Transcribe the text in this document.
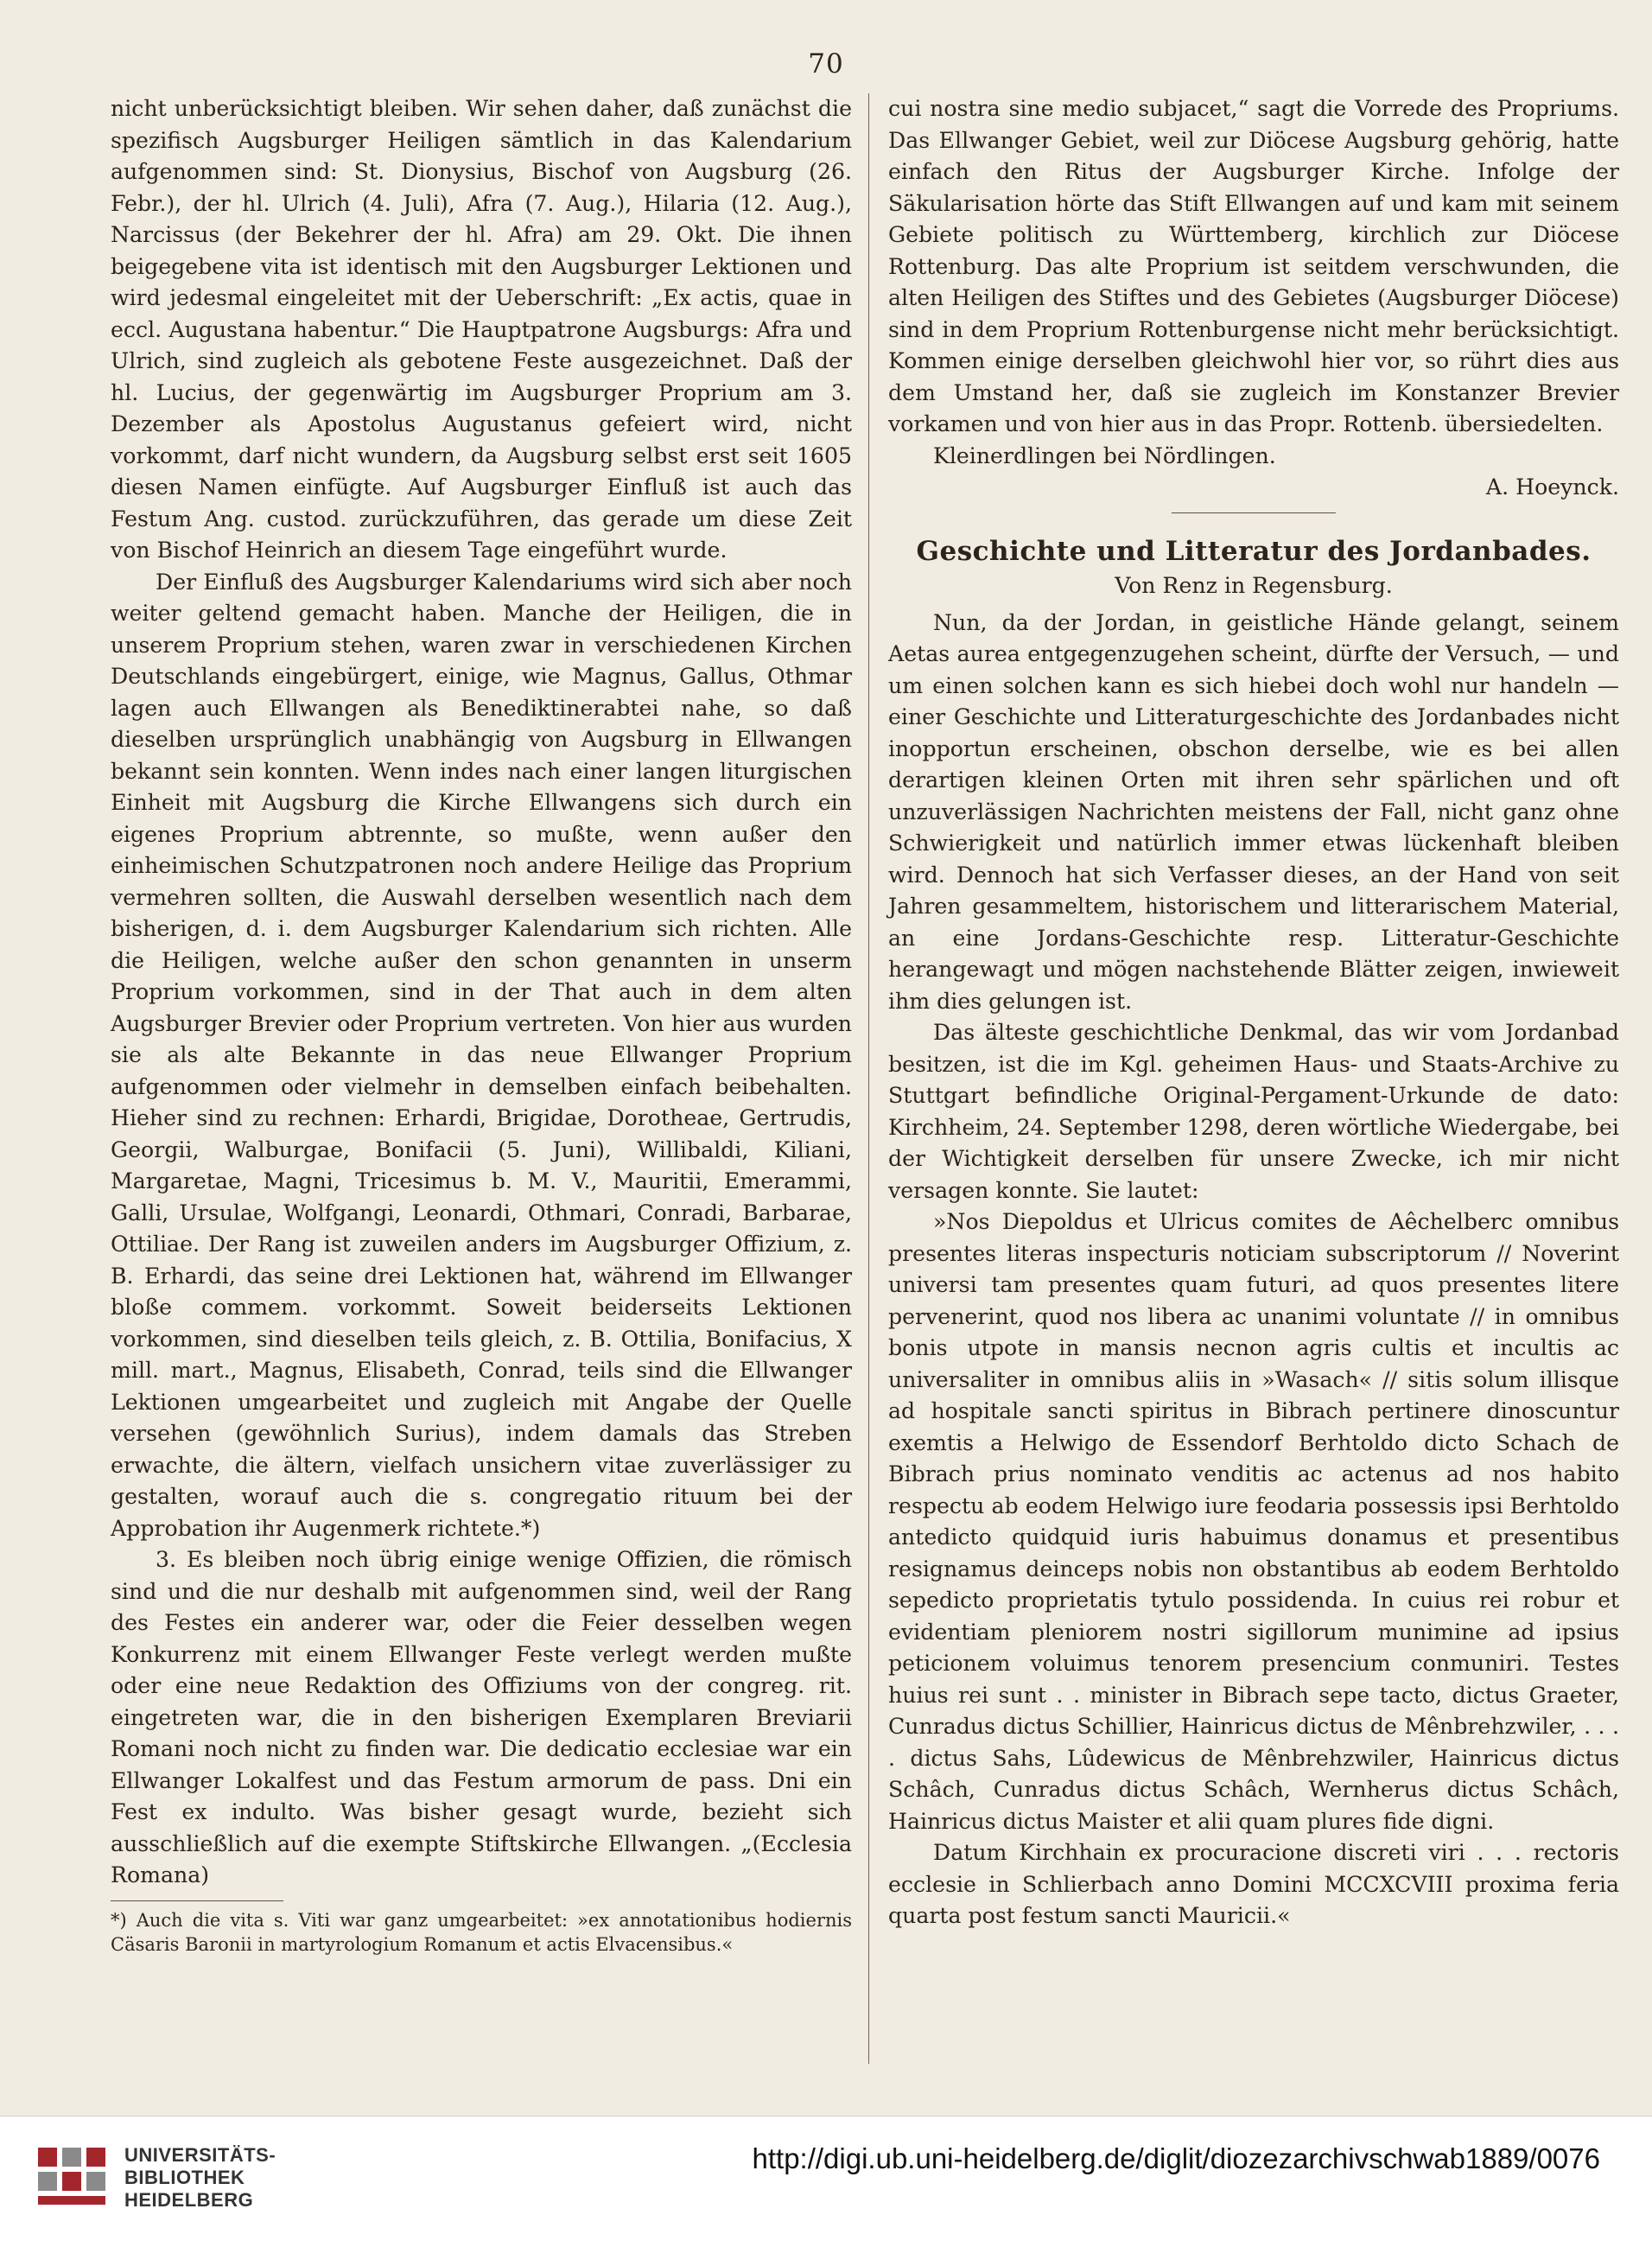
70

nicht unberücksichtigt bleiben. Wir sehen daher, daß zunächst die spezifisch Augsburger Heiligen sämtlich in das Kalendarium aufgenommen sind: St. Dionysius, Bischof von Augsburg (26. Febr.), der hl. Ulrich (4. Juli), Afra (7. Aug.), Hilaria (12. Aug.), Narcissus (der Bekehrer der hl. Afra) am 29. Okt. Die ihnen beigegebene vita ist identisch mit den Augsburger Lektionen und wird jedesmal eingeleitet mit der Ueberschrift: „Ex actis, quae in eccl. Augustana habentur.“ Die Hauptpatrone Augsburgs: Afra und Ulrich, sind zugleich als gebotene Feste ausgezeichnet. Daß der hl. Lucius, der gegenwärtig im Augsburger Proprium am 3. Dezember als Apostolus Augustanus gefeiert wird, nicht vorkommt, darf nicht wundern, da Augsburg selbst erst seit 1605 diesen Namen einfügte. Auf Augsburger Einfluß ist auch das Festum Ang. custod. zurückzuführen, das gerade um diese Zeit von Bischof Heinrich an diesem Tage eingeführt wurde.

Der Einfluß des Augsburger Kalendariums wird sich aber noch weiter geltend gemacht haben. Manche der Heiligen, die in unserem Proprium stehen, waren zwar in verschiedenen Kirchen Deutschlands eingebürgert, einige, wie Magnus, Gallus, Othmar lagen auch Ellwangen als Benediktinerabtei nahe, so daß dieselben ursprünglich unabhängig von Augsburg in Ellwangen bekannt sein konnten. Wenn indes nach einer langen liturgischen Einheit mit Augsburg die Kirche Ellwangens sich durch ein eigenes Proprium abtrennte, so mußte, wenn außer den einheimischen Schutzpatronen noch andere Heilige das Proprium vermehren sollten, die Auswahl derselben wesentlich nach dem bisherigen, d. i. dem Augsburger Kalendarium sich richten. Alle die Heiligen, welche außer den schon genannten in unserm Proprium vorkommen, sind in der That auch in dem alten Augsburger Brevier oder Proprium vertreten. Von hier aus wurden sie als alte Bekannte in das neue Ellwanger Proprium aufgenommen oder vielmehr in demselben einfach beibehalten. Hieher sind zu rechnen: Erhardi, Brigidae, Dorotheae, Gertrudis, Georgii, Walburgae, Bonifacii (5. Juni), Willibaldi, Kiliani, Margaretae, Magni, Tricesimus b. M. V., Mauritii, Emerammi, Galli, Ursulae, Wolfgangi, Leonardi, Othmari, Conradi, Barbarae, Ottiliae. Der Rang ist zuweilen anders im Augsburger Offizium, z. B. Erhardi, das seine drei Lektionen hat, während im Ellwanger bloße commem. vorkommt. Soweit beiderseits Lektionen vorkommen, sind dieselben teils gleich, z. B. Ottilia, Bonifacius, X mill. mart., Magnus, Elisabeth, Conrad, teils sind die Ellwanger Lektionen umgearbeitet und zugleich mit Angabe der Quelle versehen (gewöhnlich Surius), indem damals das Streben erwachte, die ältern, vielfach unsichern vitae zuverlässiger zu gestalten, worauf auch die s. congregatio rituum bei der Approbation ihr Augenmerk richtete.*)

3. Es bleiben noch übrig einige wenige Offizien, die römisch sind und die nur deshalb mit aufgenommen sind, weil der Rang des Festes ein anderer war, oder die Feier desselben wegen Konkurrenz mit einem Ellwanger Feste verlegt werden mußte oder eine neue Redaktion des Offiziums von der congreg. rit. eingetreten war, die in den bisherigen Exemplaren Breviarii Romani noch nicht zu finden war. Die dedicatio ecclesiae war ein Ellwanger Lokalfest und das Festum armorum de pass. Dni ein Fest ex indulto. Was bisher gesagt wurde, bezieht sich ausschließlich auf die exempte Stiftskirche Ellwangen. „(Ecclesia Romana)

*) Auch die vita s. Viti war ganz umgearbeitet: »ex annotationibus hodiernis Cäsaris Baronii in martyrologium Romanum et actis Elvacensibus.«

cui nostra sine medio subjacet,“ sagt die Vorrede des Propriums. Das Ellwanger Gebiet, weil zur Diöcese Augsburg gehörig, hatte einfach den Ritus der Augsburger Kirche. Infolge der Säkularisation hörte das Stift Ellwangen auf und kam mit seinem Gebiete politisch zu Württemberg, kirchlich zur Diöcese Rottenburg. Das alte Proprium ist seitdem verschwunden, die alten Heiligen des Stiftes und des Gebietes (Augsburger Diöcese) sind in dem Proprium Rottenburgense nicht mehr berücksichtigt. Kommen einige derselben gleichwohl hier vor, so rührt dies aus dem Umstand her, daß sie zugleich im Konstanzer Brevier vorkamen und von hier aus in das Propr. Rottenb. übersiedelten.

Kleinerdlingen bei Nördlingen.

A. Hoeynck.

Geschichte und Litteratur des Jordanbades.

Von Renz in Regensburg.

Nun, da der Jordan, in geistliche Hände gelangt, seinem Aetas aurea entgegenzugehen scheint, dürfte der Versuch, — und um einen solchen kann es sich hiebei doch wohl nur handeln — einer Geschichte und Litteraturgeschichte des Jordanbades nicht inopportun erscheinen, obschon derselbe, wie es bei allen derartigen kleinen Orten mit ihren sehr spärlichen und oft unzuverlässigen Nachrichten meistens der Fall, nicht ganz ohne Schwierigkeit und natürlich immer etwas lückenhaft bleiben wird. Dennoch hat sich Verfasser dieses, an der Hand von seit Jahren gesammeltem, historischem und litterarischem Material, an eine Jordans-Geschichte resp. Litteratur-Geschichte herangewagt und mögen nachstehende Blätter zeigen, inwieweit ihm dies gelungen ist.

Das älteste geschichtliche Denkmal, das wir vom Jordanbad besitzen, ist die im Kgl. geheimen Haus- und Staats-Archive zu Stuttgart befindliche Original-Pergament-Urkunde de dato: Kirchheim, 24. September 1298, deren wörtliche Wiedergabe, bei der Wichtigkeit derselben für unsere Zwecke, ich mir nicht versagen konnte. Sie lautet:

»Nos Diepoldus et Ulricus comites de Aêchelberc omnibus presentes literas inspecturis noticiam subscriptorum // Noverint universi tam presentes quam futuri, ad quos presentes litere pervenerint, quod nos libera ac unanimi voluntate // in omnibus bonis utpote in mansis necnon agris cultis et incultis ac universaliter in omnibus aliis in »Wasach« // sitis solum illisque ad hospitale sancti spiritus in Bibrach pertinere dinoscuntur exemtis a Helwigo de Essendorf Berhtoldo dicto Schach de Bibrach prius nominato venditis ac actenus ad nos habito respectu ab eodem Helwigo iure feodaria possessis ipsi Berhtoldo antedicto quidquid iuris habuimus donamus et presentibus resignamus deinceps nobis non obstantibus ab eodem Berhtoldo sepedicto proprietatis tytulo possidenda. In cuius rei robur et evidentiam pleniorem nostri sigillorum munimine ad ipsius peticionem voluimus tenorem presencium conmuniri. Testes huius rei sunt . . minister in Bibrach sepe tacto, dictus Graeter, Cunradus dictus Schillier, Hainricus dictus de Mênbrehzwiler, . . . . dictus Sahs, Lûdewicus de Mênbrehzwiler, Hainricus dictus Schâch, Cunradus dictus Schâch, Wernherus dictus Schâch, Hainricus dictus Maister et alii quam plures fide digni.

Datum Kirchhain ex procuracione discreti viri . . . rectoris ecclesie in Schlierbach anno Domini MCCXCVIII proxima feria quarta post festum sancti Mauricii.«

UNIVERSITÄTS-
BIBLIOTHEK
HEIDELBERG
http://digi.ub.uni-heidelberg.de/diglit/diozezarchivschwab1889/0076
